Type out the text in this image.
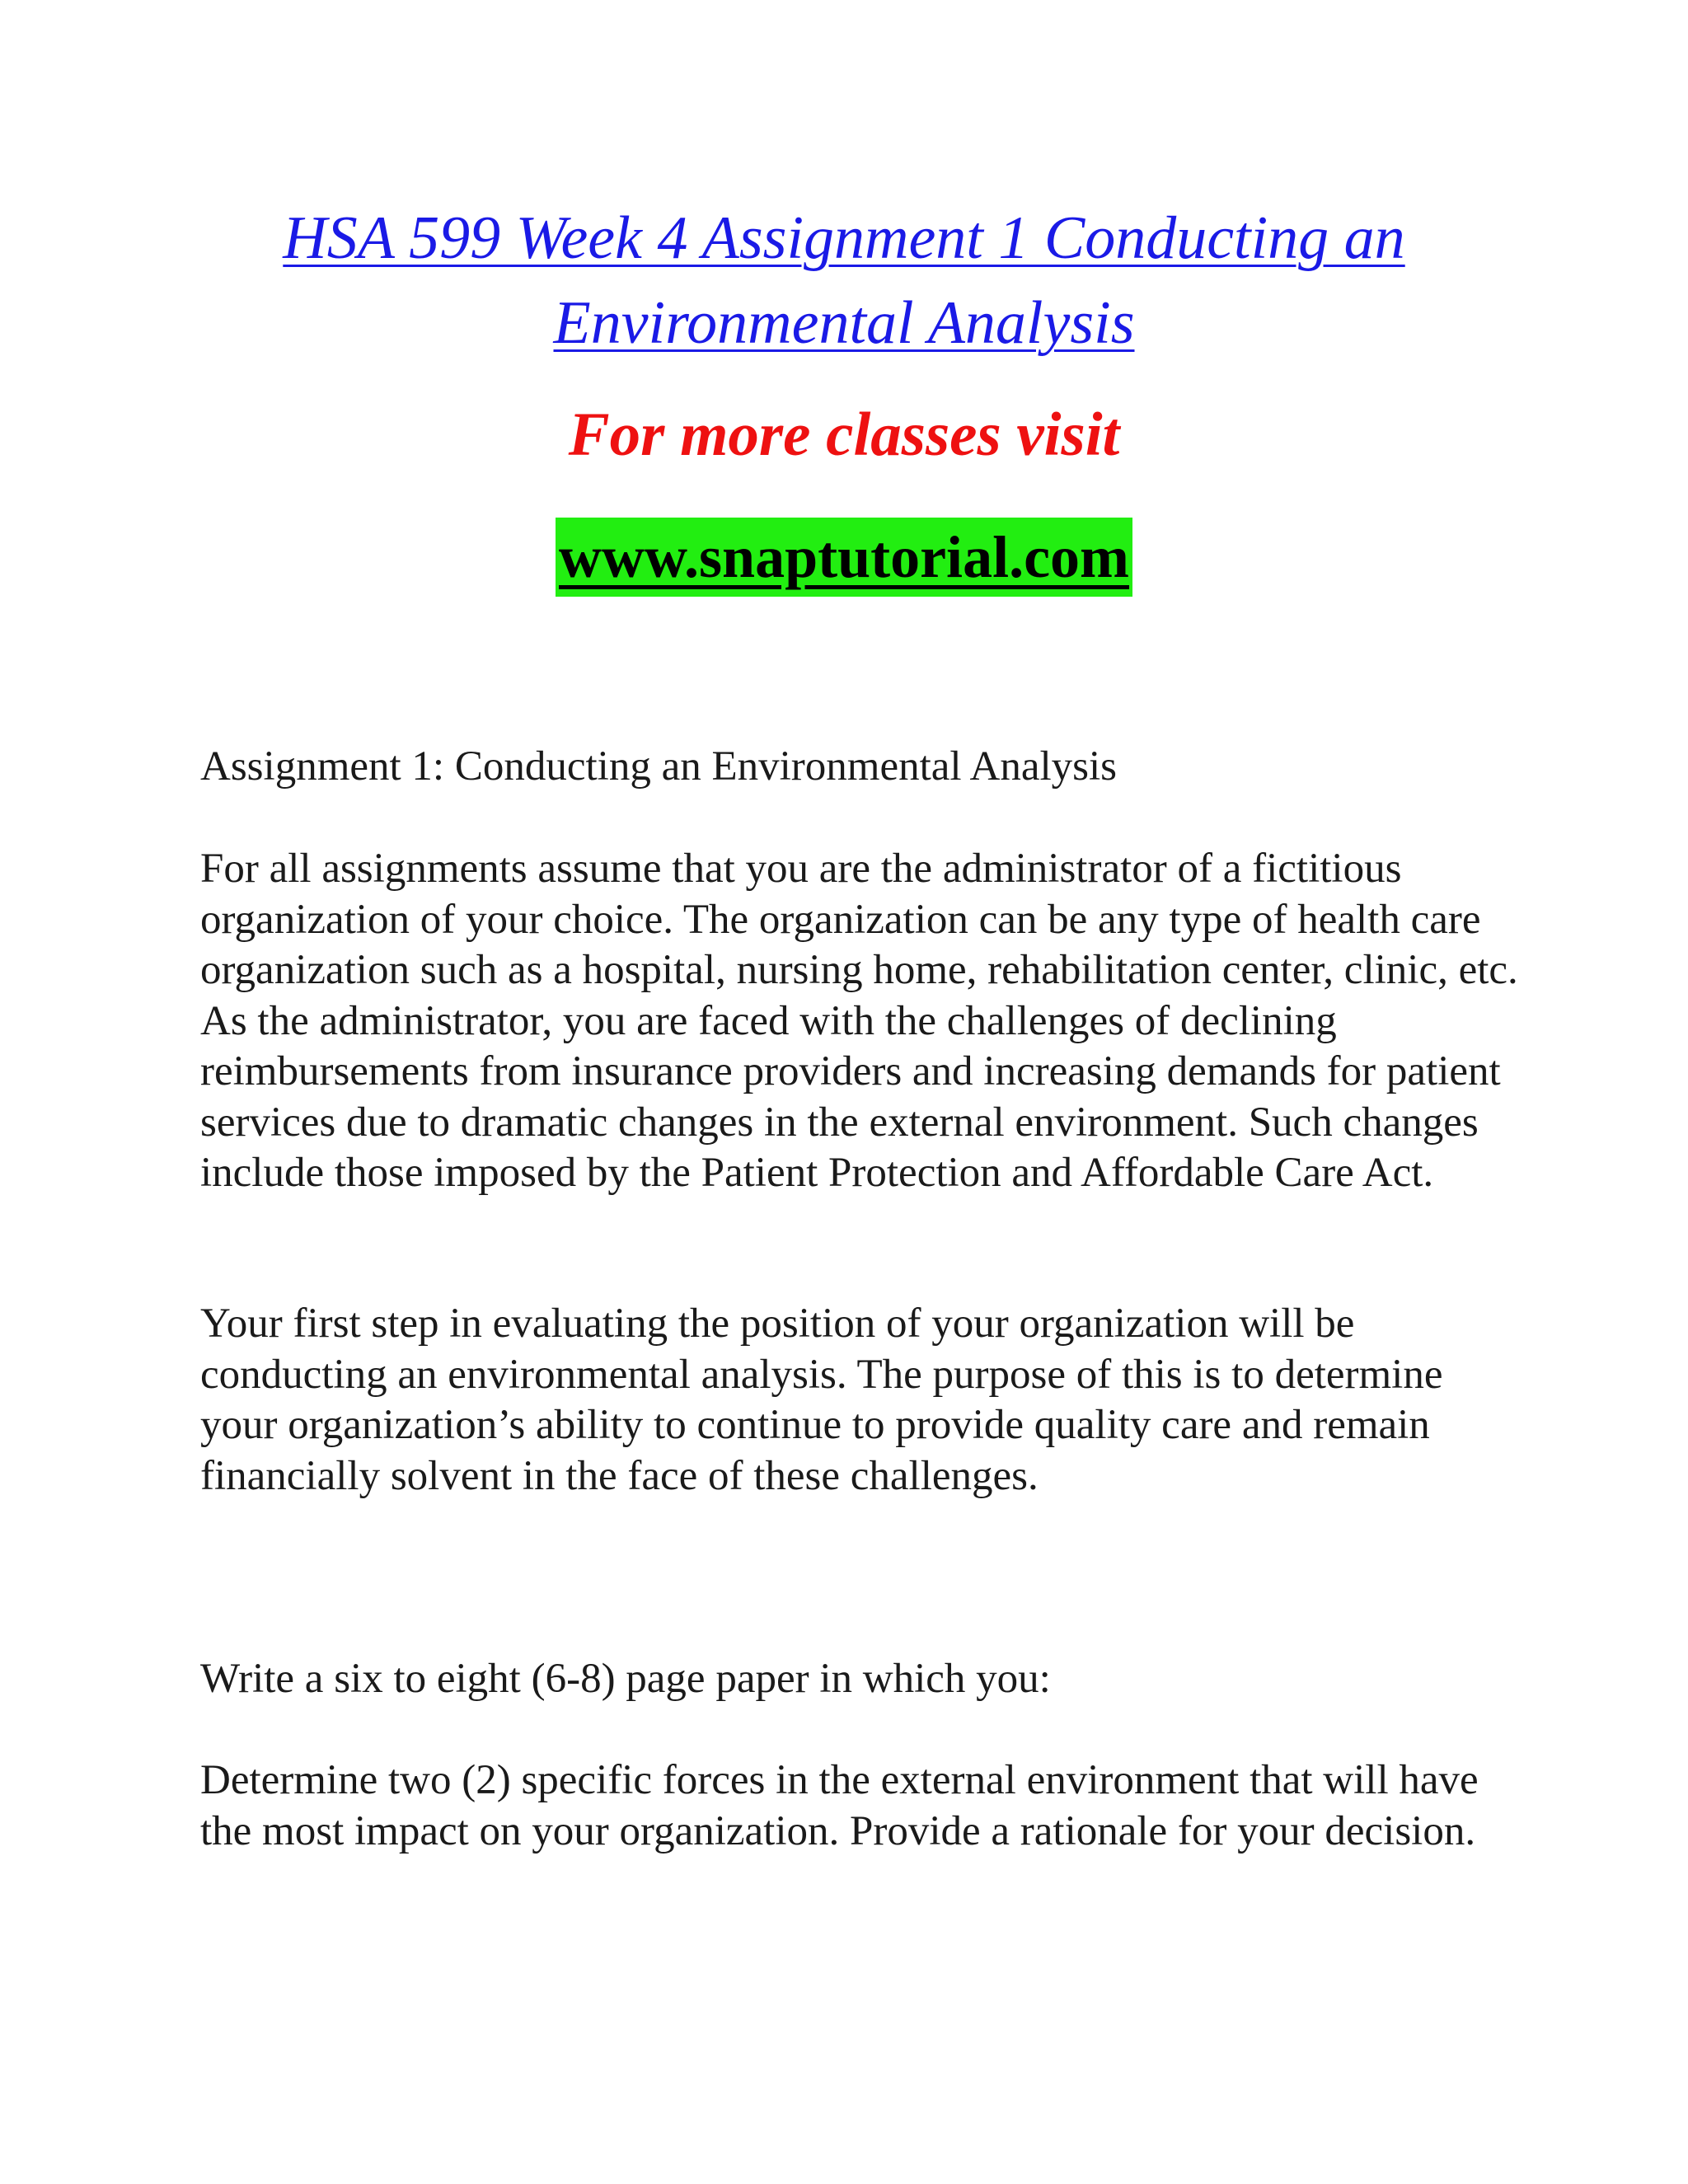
HSA 599 Week 4 Assignment 1 Conducting an Environmental Analysis
For more classes visit
www.snaptutorial.com

Assignment 1: Conducting an Environmental Analysis

For all assignments assume that you are the administrator of a fictitious organization of your choice. The organization can be any type of health care organization such as a hospital, nursing home, rehabilitation center, clinic, etc. As the administrator, you are faced with the challenges of declining reimbursements from insurance providers and increasing demands for patient services due to dramatic changes in the external environment. Such changes include those imposed by the Patient Protection and Affordable Care Act.

Your first step in evaluating the position of your organization will be conducting an environmental analysis. The purpose of this is to determine your organization’s ability to continue to provide quality care and remain financially solvent in the face of these challenges.

Write a six to eight (6-8) page paper in which you:

Determine two (2) specific forces in the external environment that will have the most impact on your organization. Provide a rationale for your decision.
